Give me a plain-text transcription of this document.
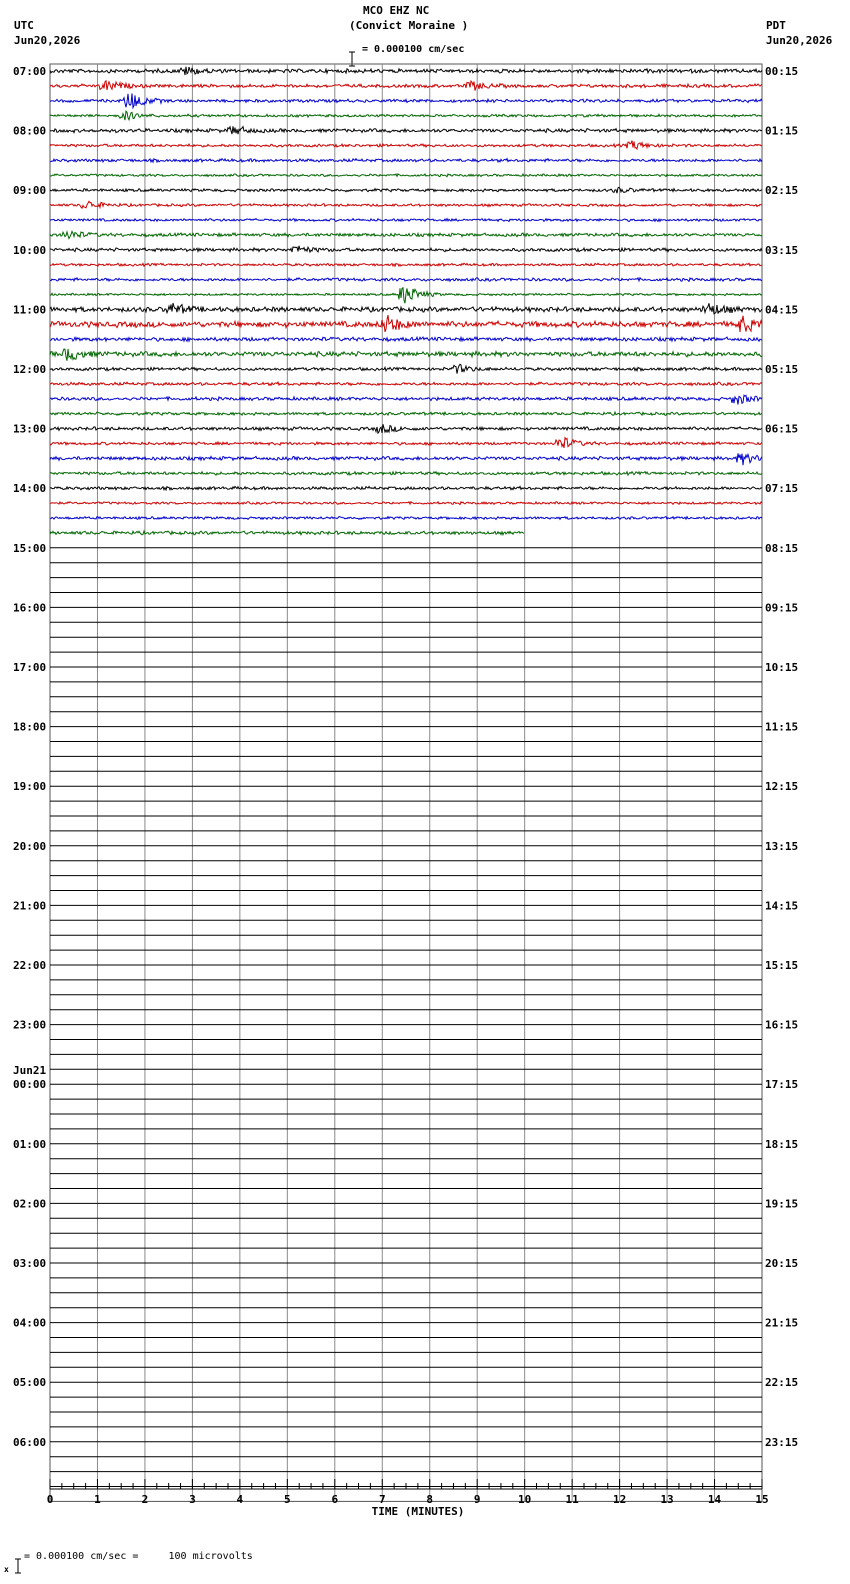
MCO EHZ NC
(Convict Moraine )

= 0.000100 cm/sec
UTC
Jun20,2026
PDT
Jun20,2026
07:00	00:15
08:00	01:15
09:00	02:15
10:00	03:15
11:00	04:15
12:00	05:15
13:00	06:15
14:00	07:15
15:00	08:15
16:00	09:15
17:00	10:15
18:00	11:15
19:00	12:15
20:00	13:15
21:00	14:15
22:00	15:15
23:00	16:15
00:00	17:15
Jun21
01:00	18:15
02:00	19:15
03:00	20:15
04:00	21:15
05:00	22:15
06:00	23:15
0	1	2	3	4	5	6	7	8	9	10	11	12	13	14	15
TIME (MINUTES)

x

= 0.000100 cm/sec =     100 microvolts
